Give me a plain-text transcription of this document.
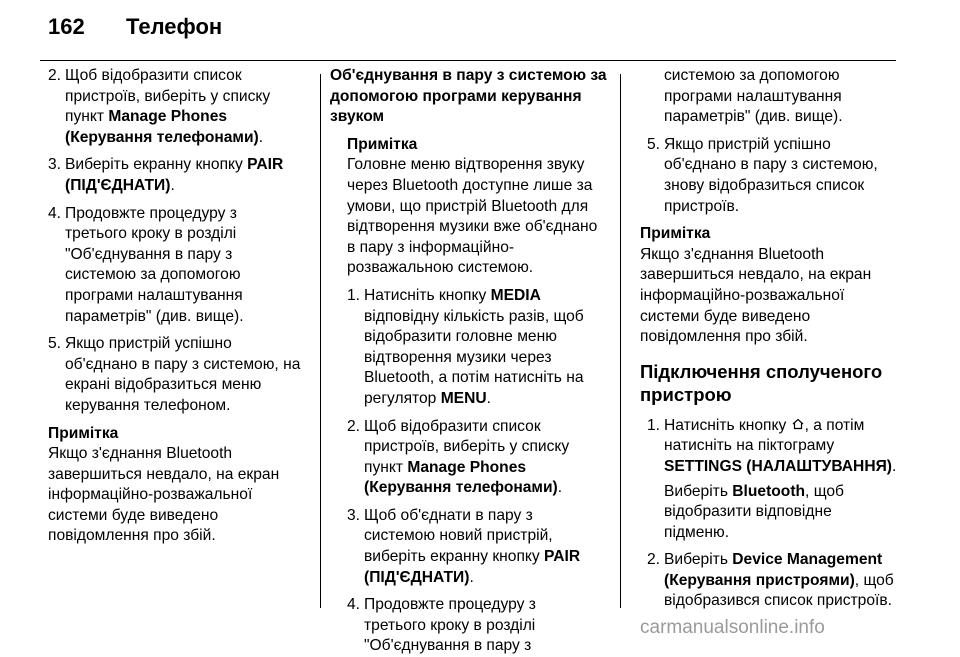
162 Телефон
2. Щоб відобразити список
пристроїв, виберіть у списку
пункт Manage Phones
(Керування телефонами).
3. Виберіть екранну кнопку PAIR
(ПІД'ЄДНАТИ).
4. Продовжте процедуру з
третього кроку в розділі
"Об'єднування в пару з
системою за допомогою
програми налаштування
параметрів" (див. вище).
5. Якщо пристрій успішно
об'єднано в пару з системою, на
екрані відобразиться меню
керування телефоном.
Примітка
Якщо з'єднання Bluetooth
завершиться невдало, на екран
інформаційно-розважальної
системи буде виведено
повідомлення про збій.
Об'єднування в пару з системою за
допомогою програми керування
звуком
Примітка
Головне меню відтворення звуку
через Bluetooth доступне лише за
умови, що пристрій Bluetooth для
відтворення музики вже об'єднано
в пару з інформаційно-
розважальною системою.
1. Натисніть кнопку MEDIA
відповідну кількість разів, щоб
відобразити головне меню
відтворення музики через
Bluetooth, а потім натисніть на
регулятор MENU.
2. Щоб відобразити список
пристроїв, виберіть у списку
пункт Manage Phones
(Керування телефонами).
3. Щоб об'єднати в пару з
системою новий пристрій,
виберіть екранну кнопку PAIR
(ПІД'ЄДНАТИ).
4. Продовжте процедуру з
третього кроку в розділі
"Об'єднування в пару з
системою за допомогою
програми налаштування
параметрів" (див. вище).
5. Якщо пристрій успішно
об'єднано в пару з системою,
знову відобразиться список
пристроїв.
Примітка
Якщо з'єднання Bluetooth
завершиться невдало, на екран
інформаційно-розважальної
системи буде виведено
повідомлення про збій.
Підключення сполученого
пристрою
1. Натисніть кнопку , а потім
натисніть на піктограму
SETTINGS (НАЛАШТУВАННЯ).
Виберіть Bluetooth, щоб
відобразити відповідне
підменю.
2. Виберіть Device Management
(Керування пристроями), щоб
відобразився список пристроїв.
carmanualsonline.info
